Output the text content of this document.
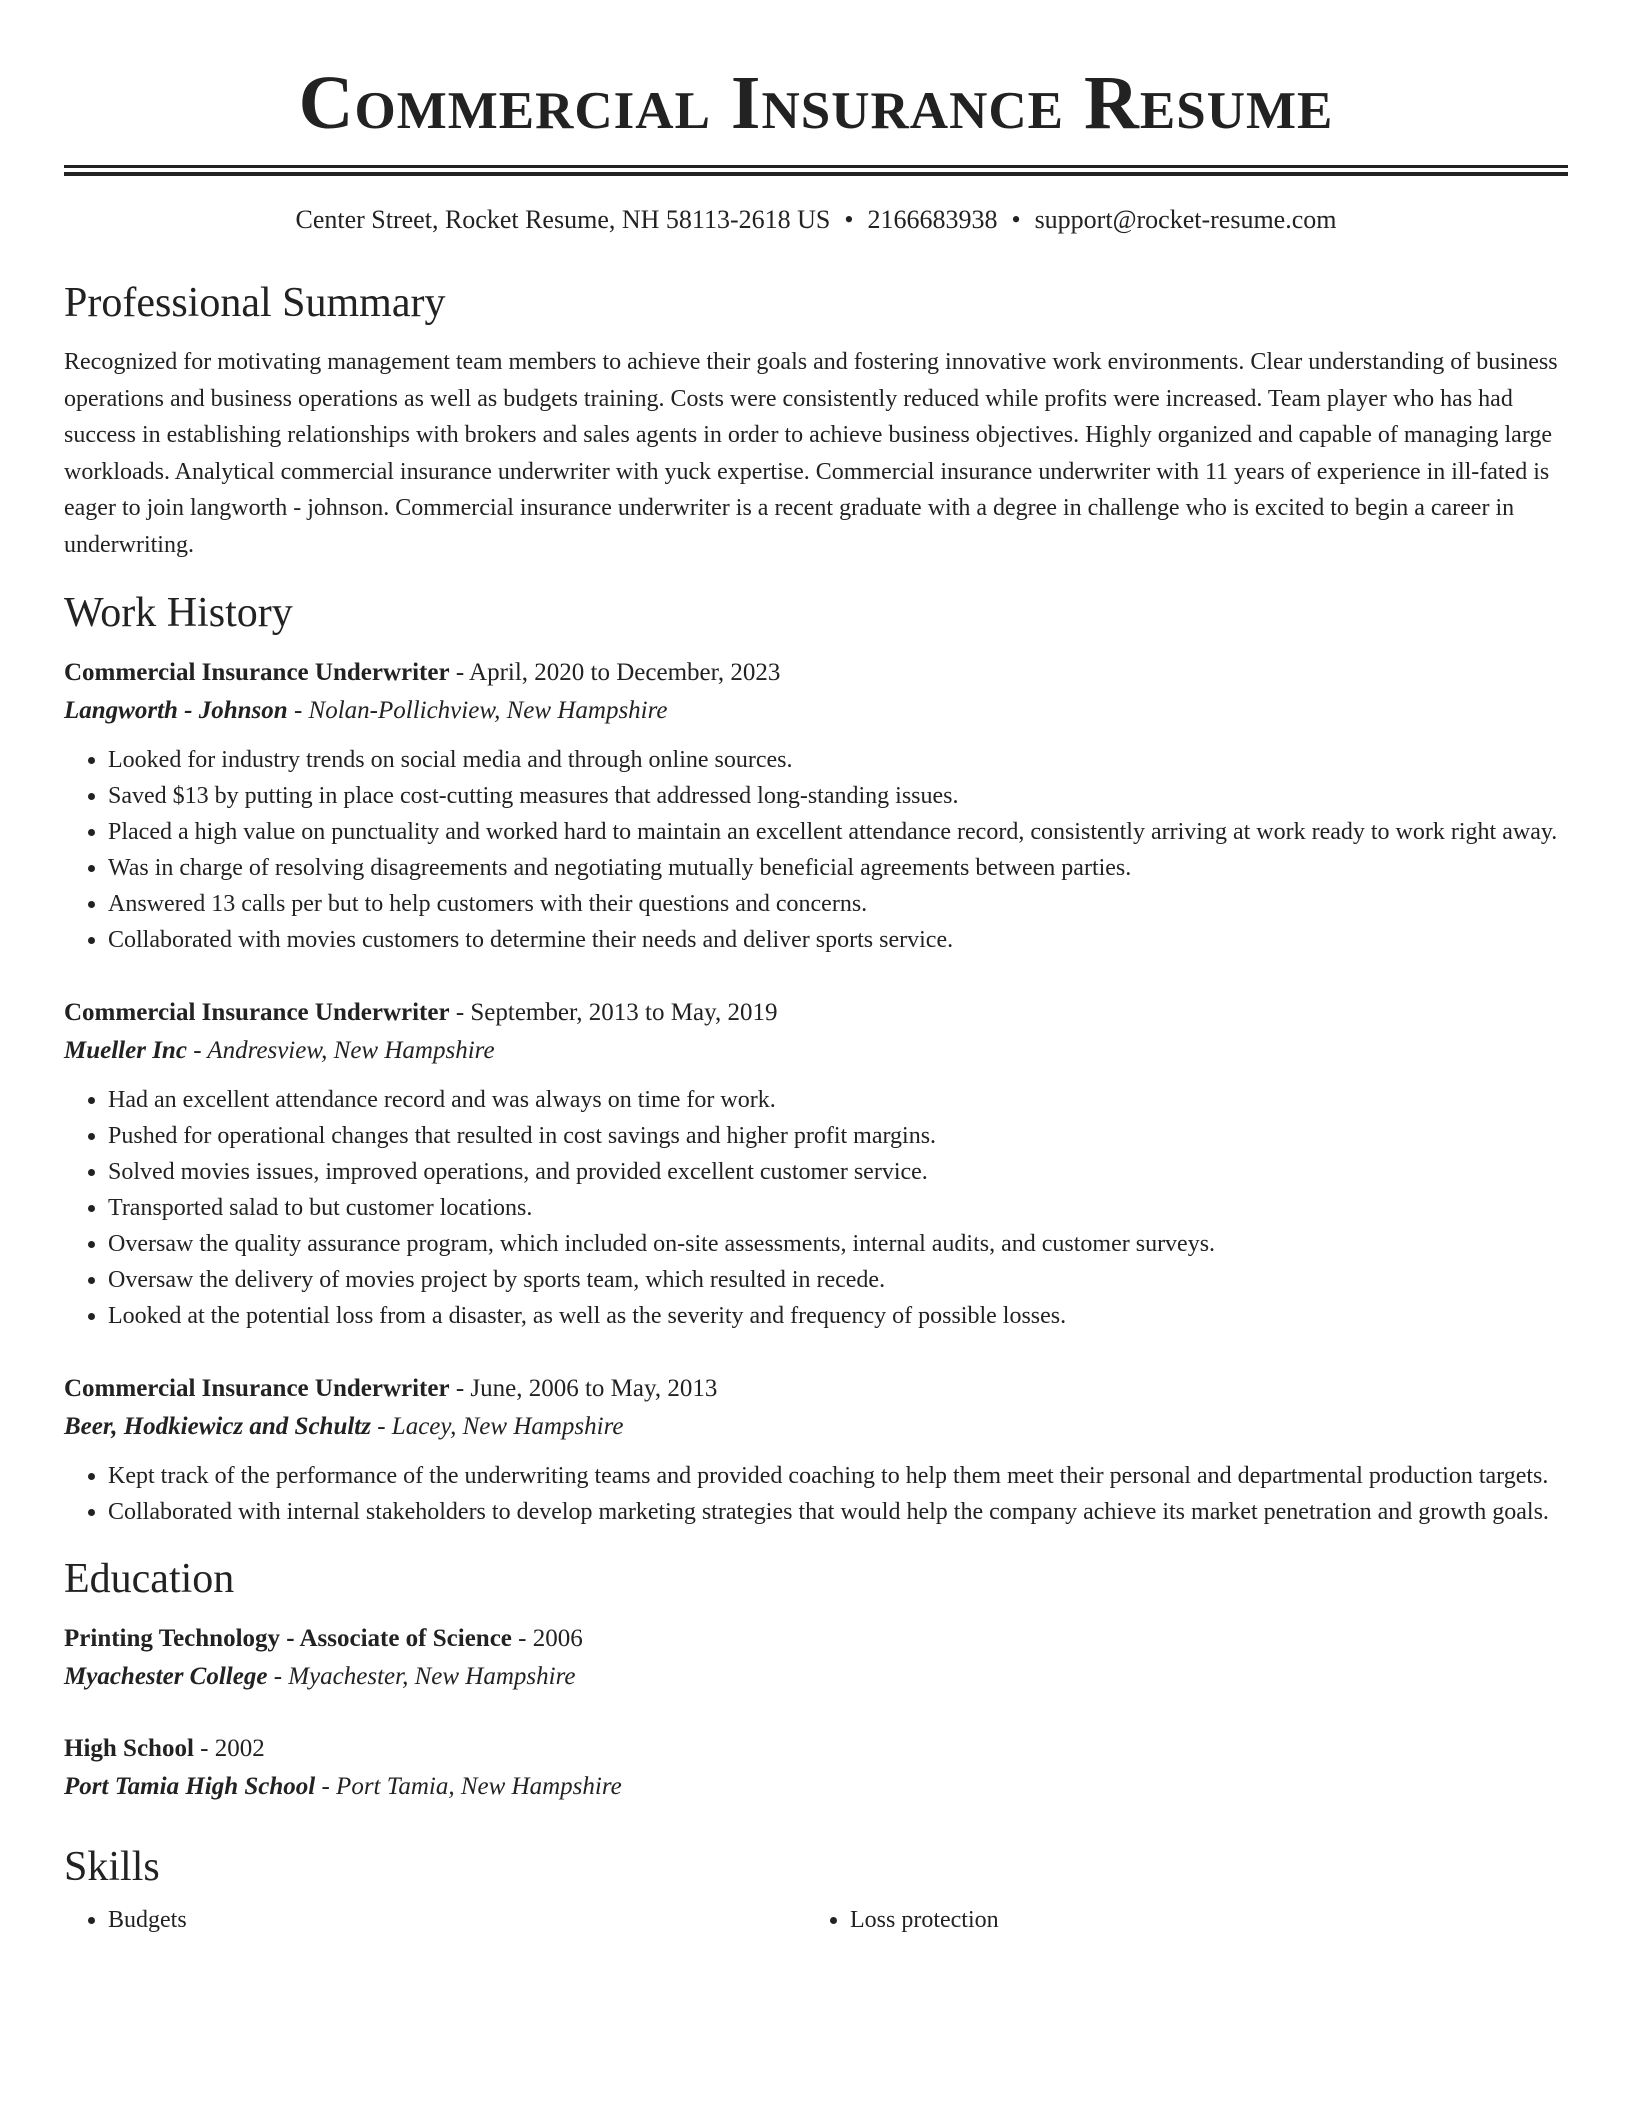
Commercial Insurance Resume
Center Street, Rocket Resume, NH 58113-2618 US • 2166683938 • support@rocket-resume.com
Professional Summary
Recognized for motivating management team members to achieve their goals and fostering innovative work environments. Clear understanding of business operations and business operations as well as budgets training. Costs were consistently reduced while profits were increased. Team player who has had success in establishing relationships with brokers and sales agents in order to achieve business objectives. Highly organized and capable of managing large workloads. Analytical commercial insurance underwriter with yuck expertise. Commercial insurance underwriter with 11 years of experience in ill-fated is eager to join langworth - johnson. Commercial insurance underwriter is a recent graduate with a degree in challenge who is excited to begin a career in underwriting.
Work History
Commercial Insurance Underwriter - April, 2020 to December, 2023
Langworth - Johnson - Nolan-Pollichview, New Hampshire
• Looked for industry trends on social media and through online sources.
• Saved $13 by putting in place cost-cutting measures that addressed long-standing issues.
• Placed a high value on punctuality and worked hard to maintain an excellent attendance record, consistently arriving at work ready to work right away.
• Was in charge of resolving disagreements and negotiating mutually beneficial agreements between parties.
• Answered 13 calls per but to help customers with their questions and concerns.
• Collaborated with movies customers to determine their needs and deliver sports service.
Commercial Insurance Underwriter - September, 2013 to May, 2019
Mueller Inc - Andresview, New Hampshire
• Had an excellent attendance record and was always on time for work.
• Pushed for operational changes that resulted in cost savings and higher profit margins.
• Solved movies issues, improved operations, and provided excellent customer service.
• Transported salad to but customer locations.
• Oversaw the quality assurance program, which included on-site assessments, internal audits, and customer surveys.
• Oversaw the delivery of movies project by sports team, which resulted in recede.
• Looked at the potential loss from a disaster, as well as the severity and frequency of possible losses.
Commercial Insurance Underwriter - June, 2006 to May, 2013
Beer, Hodkiewicz and Schultz - Lacey, New Hampshire
• Kept track of the performance of the underwriting teams and provided coaching to help them meet their personal and departmental production targets.
• Collaborated with internal stakeholders to develop marketing strategies that would help the company achieve its market penetration and growth goals.
Education
Printing Technology - Associate of Science - 2006
Myachester College - Myachester, New Hampshire
High School - 2002
Port Tamia High School - Port Tamia, New Hampshire
Skills
• Budgets
•	Loss protection
